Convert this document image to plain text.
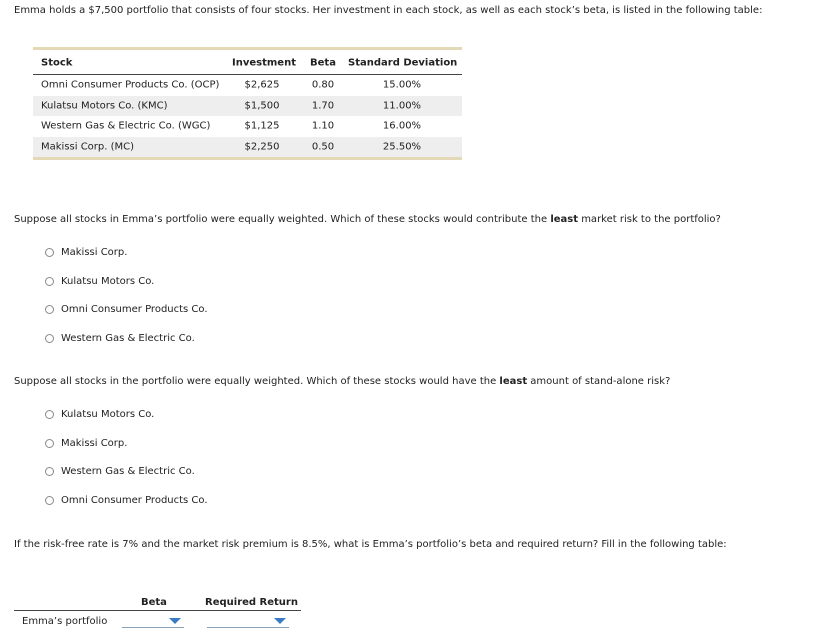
Emma holds a $7,500 portfolio that consists of four stocks. Her investment in each stock, as well as each stock’s beta, is listed in the following table:
Stock	Investment	Beta	Standard Deviation
Omni Consumer Products Co. (OCP)	$2,625	0.80	15.00%
Kulatsu Motors Co. (KMC)	$1,500	1.70	11.00%
Western Gas & Electric Co. (WGC)	$1,125	1.10	16.00%
Makissi Corp. (MC)	$2,250	0.50	25.50%
Suppose all stocks in Emma’s portfolio were equally weighted. Which of these stocks would contribute the least market risk to the portfolio?
Makissi Corp.
Kulatsu Motors Co.
Omni Consumer Products Co.
Western Gas & Electric Co.
Suppose all stocks in the portfolio were equally weighted. Which of these stocks would have the least amount of stand-alone risk?
Kulatsu Motors Co.
Makissi Corp.
Western Gas & Electric Co.
Omni Consumer Products Co.
If the risk-free rate is 7% and the market risk premium is 8.5%, what is Emma’s portfolio’s beta and required return? Fill in the following table:
Beta	Required Return
Emma’s portfolio
